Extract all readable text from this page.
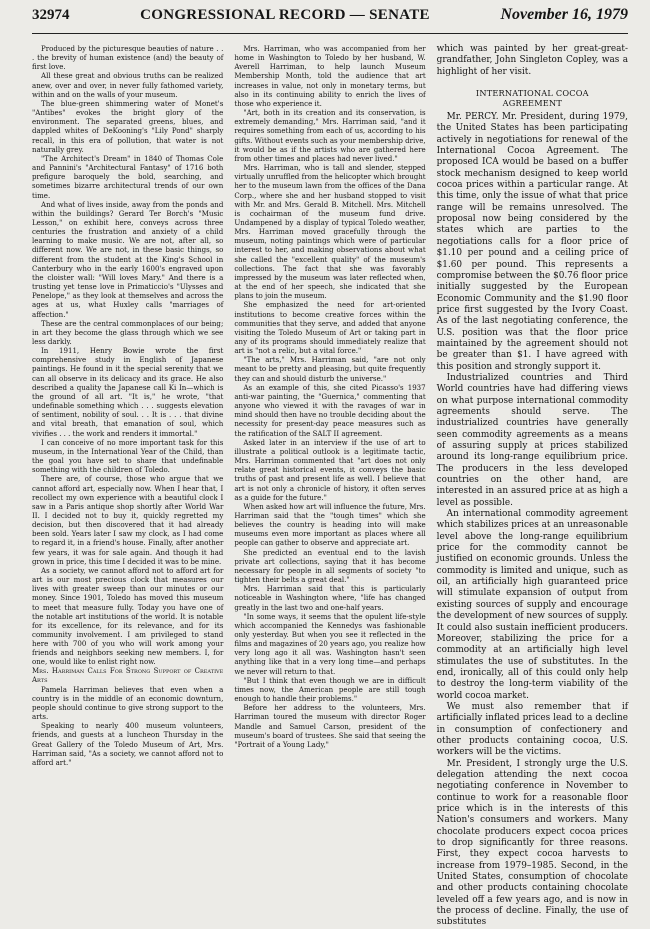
32974	CONGRESSIONAL RECORD — SENATE	November 16, 1979

Produced by the picturesque beauties of nature . . . the brevity of human existence (and) the beauty of first love.

All these great and obvious truths can be realized anew, over and over, in never fully fathomed variety, within and on the walls of your museum.

The blue-green shimmering water of Monet's "Antibes" evokes the bright glory of the environment. The separated greens, blues, and dappled whites of DeKooning's "Lily Pond" sharply recall, in this era of pollution, that water is not naturally grey.

"The Architect's Dream" in 1840 of Thomas Cole and Pannini's "Architectural Fantasy" of 1716 both prefigure baroquely the bold, searching, and sometimes bizarre architectural trends of our own time.

And what of lives inside, away from the ponds and within the buildings? Gerard Ter Borch's "Music Lesson," on exhibit here, conveys across three centuries the frustration and anxiety of a child learning to make music. We are not, after all, so different now. We are not, in these basic things, so different from the student at the King's School in Canterbury who in the early 1600's engraved upon the cloister wall: "Will loves Mary." And there is a trusting yet tense love in Primaticcio's "Ulysses and Penelope," as they look at themselves and across the ages at us, what Huxley calls "marriages of affection."

These are the central commonplaces of our being; in art they become the glass through which we see less darkly.

In 1911, Henry Bowie wrote the first comprehensive study in English of Japanese paintings. He found in it the special serenity that we can all observe in its delicacy and its grace. He also described a quality the Japanese call Ki In—which is the ground of all art. "It is," he wrote, "that undefinable something which . . . suggests elevation of sentiment, nobility of soul. . . It is . . . that divine and vital breath, that emanation of soul, which vivifies . . . the work and renders it immortal."

I can conceive of no more important task for this museum, in the International Year of the Child, than the goal you have set to share that undefinable something with the children of Toledo.

There are, of course, those who argue that we cannot afford art, especially now. When I hear that, I recollect my own experience with a beautiful clock I saw in a Paris antique shop shortly after World War II. I decided not to buy it, quickly regretted my decision, but then discovered that it had already been sold. Years later I saw my clock, as I had come to regard it, in a friend's house. Finally, after another few years, it was for sale again. And though it had grown in price, this time I decided it was to be mine.

As a society, we cannot afford not to afford art for art is our most precious clock that measures our lives with greater sweep than our minutes or our money. Since 1901, Toledo has moved this museum to meet that measure fully. Today you have one of the notable art institutions of the world. It is notable for its excellence, for its relevance, and for its community involvement. I am privileged to stand here with 700 of you who will work among your friends and neighbors seeking new members. I, for one, would like to enlist right now.

Mrs. Harriman Calls For Strong Support of Creative Arts

Pamela Harriman believes that even when a country is in the middle of an economic downturn, people should continue to give strong support to the arts.

Speaking to nearly 400 museum volunteers, friends, and guests at a luncheon Thursday in the Great Gallery of the Toledo Museum of Art, Mrs. Harriman said, "As a society, we cannot afford not to afford art."

Mrs. Harriman, who was accompanied from her home in Washington to Toledo by her husband, W. Averell Harriman, to help launch Museum Membership Month, told the audience that art increases in value, not only in monetary terms, but also in its continuing ability to enrich the lives of those who experience it.

"Art, both in its creation and its conservation, is extremely demanding," Mrs. Harriman said, "and it requires something from each of us, according to his gifts. Without events such as your membership drive, it would be as if the artists who are gathered here from other times and places had never lived."

Mrs. Harriman, who is tall and slender, stepped virtually unruffled from the helicopter which brought her to the museum lawn from the offices of the Dana Corp., where she and her husband stopped to visit with Mr. and Mrs. Gerald B. Mitchell. Mrs. Mitchell is cochairman of the museum fund drive. Undampened by a display of typical Toledo weather, Mrs. Harriman moved gracefully through the museum, noting paintings which were of particular interest to her, and making observations about what she called the "excellent quality" of the museum's collections. The fact that she was favorably impressed by the museum was later reflected when, at the end of her speech, she indicated that she plans to join the museum.

She emphasized the need for art-oriented institutions to become creative forces within the communities that they serve, and added that anyone visiting the Toledo Museum of Art or taking part in any of its programs should immediately realize that art is "not a relic, but a vital force."

"The arts," Mrs. Harriman said, "are not only meant to be pretty and pleasing, but quite frequently they can and should disturb the universe."

As an example of this, she cited Picasso's 1937 anti-war painting, the "Guernica," commenting that anyone who viewed it with the ravages of war in mind should then have no trouble deciding about the necessity for present-day peace measures such as the ratification of the SALT II agreement.

Asked later in an interview if the use of art to illustrate a political outlook is a legitimate tactic, Mrs. Harriman commented that "art does not only relate great historical events, it conveys the basic truths of past and present life as well. I believe that art is not only a chronicle of history, it often serves as a guide for the future."

When asked how art will influence the future, Mrs. Harriman said that the "tough times" which she believes the country is heading into will make museums even more important as places where all people can gather to observe and appreciate art.

She predicted an eventual end to the lavish private art collections, saying that it has become necessary for people in all segments of society "to tighten their belts a great deal."

Mrs. Harriman said that this is particularly noticeable in Washington where, "life has changed greatly in the last two and one-half years.

"In some ways, it seems that the opulent life-style which accompanied the Kennedys was fashionable only yesterday. But when you see it reflected in the films and magazines of 20 years ago, you realize how very long ago it all was. Washington hasn't seen anything like that in a very long time—and perhaps we never will return to that.

"But I think that even though we are in difficult times now, the American people are still tough enough to handle their problems."

Before her address to the volunteers, Mrs. Harriman toured the museum with director Roger Mandle and Samuel Carson, president of the museum's board of trustees. She said that seeing the "Portrait of a Young Lady,"

which was painted by her great-great-grandfather, John Singleton Copley, was a highlight of her visit.

INTERNATIONAL COCOA
AGREEMENT

Mr. PERCY. Mr. President, during 1979, the United States has been participating actively in negotiations for renewal of the International Cocoa Agreement. The proposed ICA would be based on a buffer stock mechanism designed to keep world cocoa prices within a particular range. At this time, only the issue of what that price range will be remains unresolved. The proposal now being considered by the states which are parties to the negotiations calls for a floor price of $1.10 per pound and a ceiling price of $1.60 per pound. This represents a compromise between the $0.76 floor price initially suggested by the European Economic Community and the $1.90 floor price first suggested by the Ivory Coast. As of the last negotiating conference, the U.S. position was that the floor price maintained by the agreement should not be greater than $1. I have agreed with this position and strongly support it.

Industrialized countries and Third World countries have had differing views on what purpose international commodity agreements should serve. The industrialized countries have generally seen commodity agreements as a means of assuring supply at prices stabilized around its long-range equilibrium price. The producers in the less developed countries on the other hand, are interested in an assured price at as high a level as possible.

An international commodity agreement which stabilizes prices at an unreasonable level above the long-range equilibrium price for the commodity cannot be justified on economic grounds. Unless the commodity is limited and unique, such as oil, an artificially high guaranteed price will stimulate expansion of output from existing sources of supply and encourage the development of new sources of supply. It could also sustain inefficient producers. Moreover, stabilizing the price for a commodity at an artificially high level stimulates the use of substitutes. In the end, ironically, all of this could only help to destroy the long-term viability of the world cocoa market.

We must also remember that if artificially inflated prices lead to a decline in consumption of confectionery and other products containing cocoa, U.S. workers will be the victims.

Mr. President, I strongly urge the U.S. delegation attending the next cocoa negotiating conference in November to continue to work for a reasonable floor price which is in the interests of this Nation's consumers and workers. Many chocolate producers expect cocoa prices to drop significantly for three reasons. First, they expect cocoa harvests to increase from 1979–1985. Second, in the United States, consumption of chocolate and other products containing chocolate leveled off a few years ago, and is now in the process of decline. Finally, the use of substitutes
